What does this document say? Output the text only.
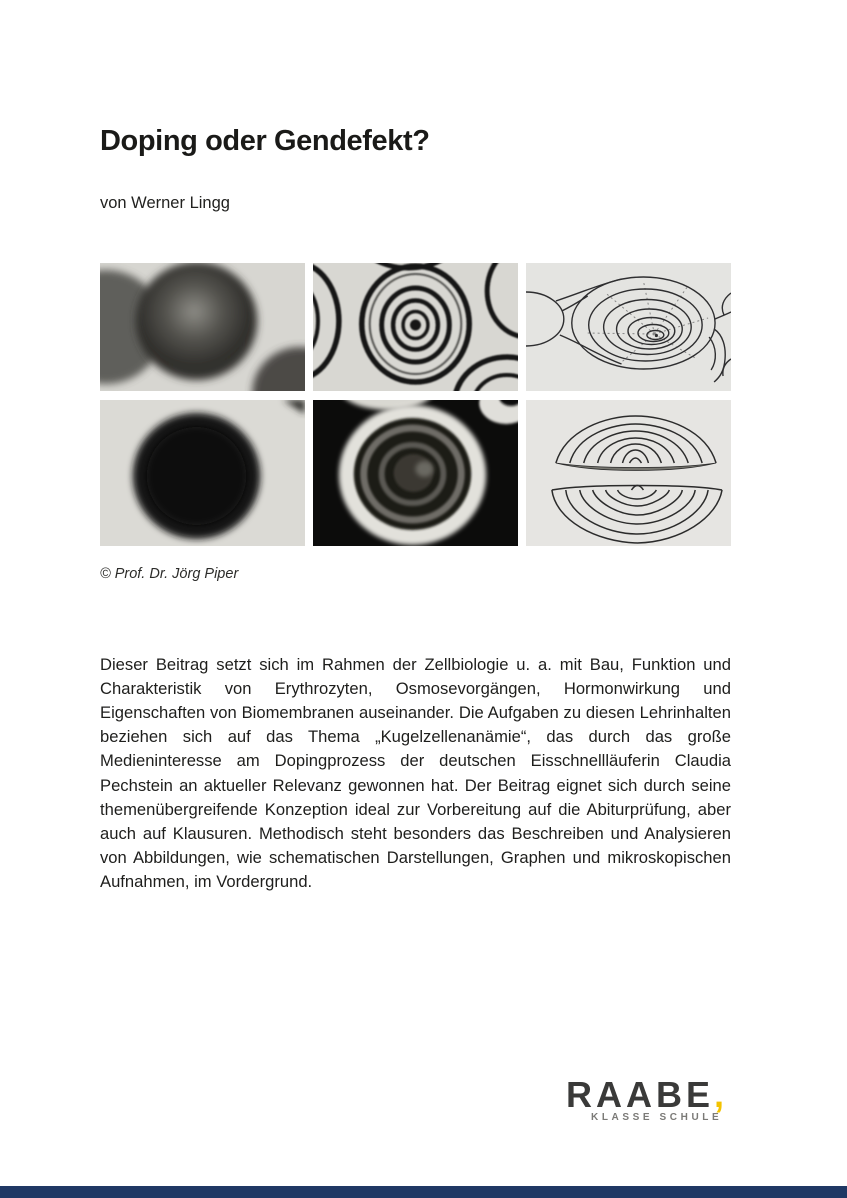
Doping oder Gendefekt?
von Werner Lingg
© Prof. Dr. Jörg Piper

Dieser Beitrag setzt sich im Rahmen der Zellbiologie u. a. mit Bau, Funktion und Charakteristik von Erythrozyten, Osmosevorgängen, Hormonwirkung und Eigenschaften von Biomembranen auseinander. Die Aufgaben zu diesen Lehrinhalten beziehen sich auf das Thema „Kugelzellenanämie“, das durch das große Medieninteresse am Dopingprozess der deutschen Eisschnellläuferin Claudia Pechstein an aktueller Relevanz gewonnen hat. Der Beitrag eignet sich durch seine themenübergreifende Konzeption ideal zur Vorbereitung auf die Abiturprüfung, aber auch auf Klausuren. Methodisch steht besonders das Beschreiben und Analysieren von Abbildungen, wie schematischen Darstellungen, Graphen und mikroskopischen Aufnahmen, im Vordergrund.

RAABE,
KLASSE SCHULE
